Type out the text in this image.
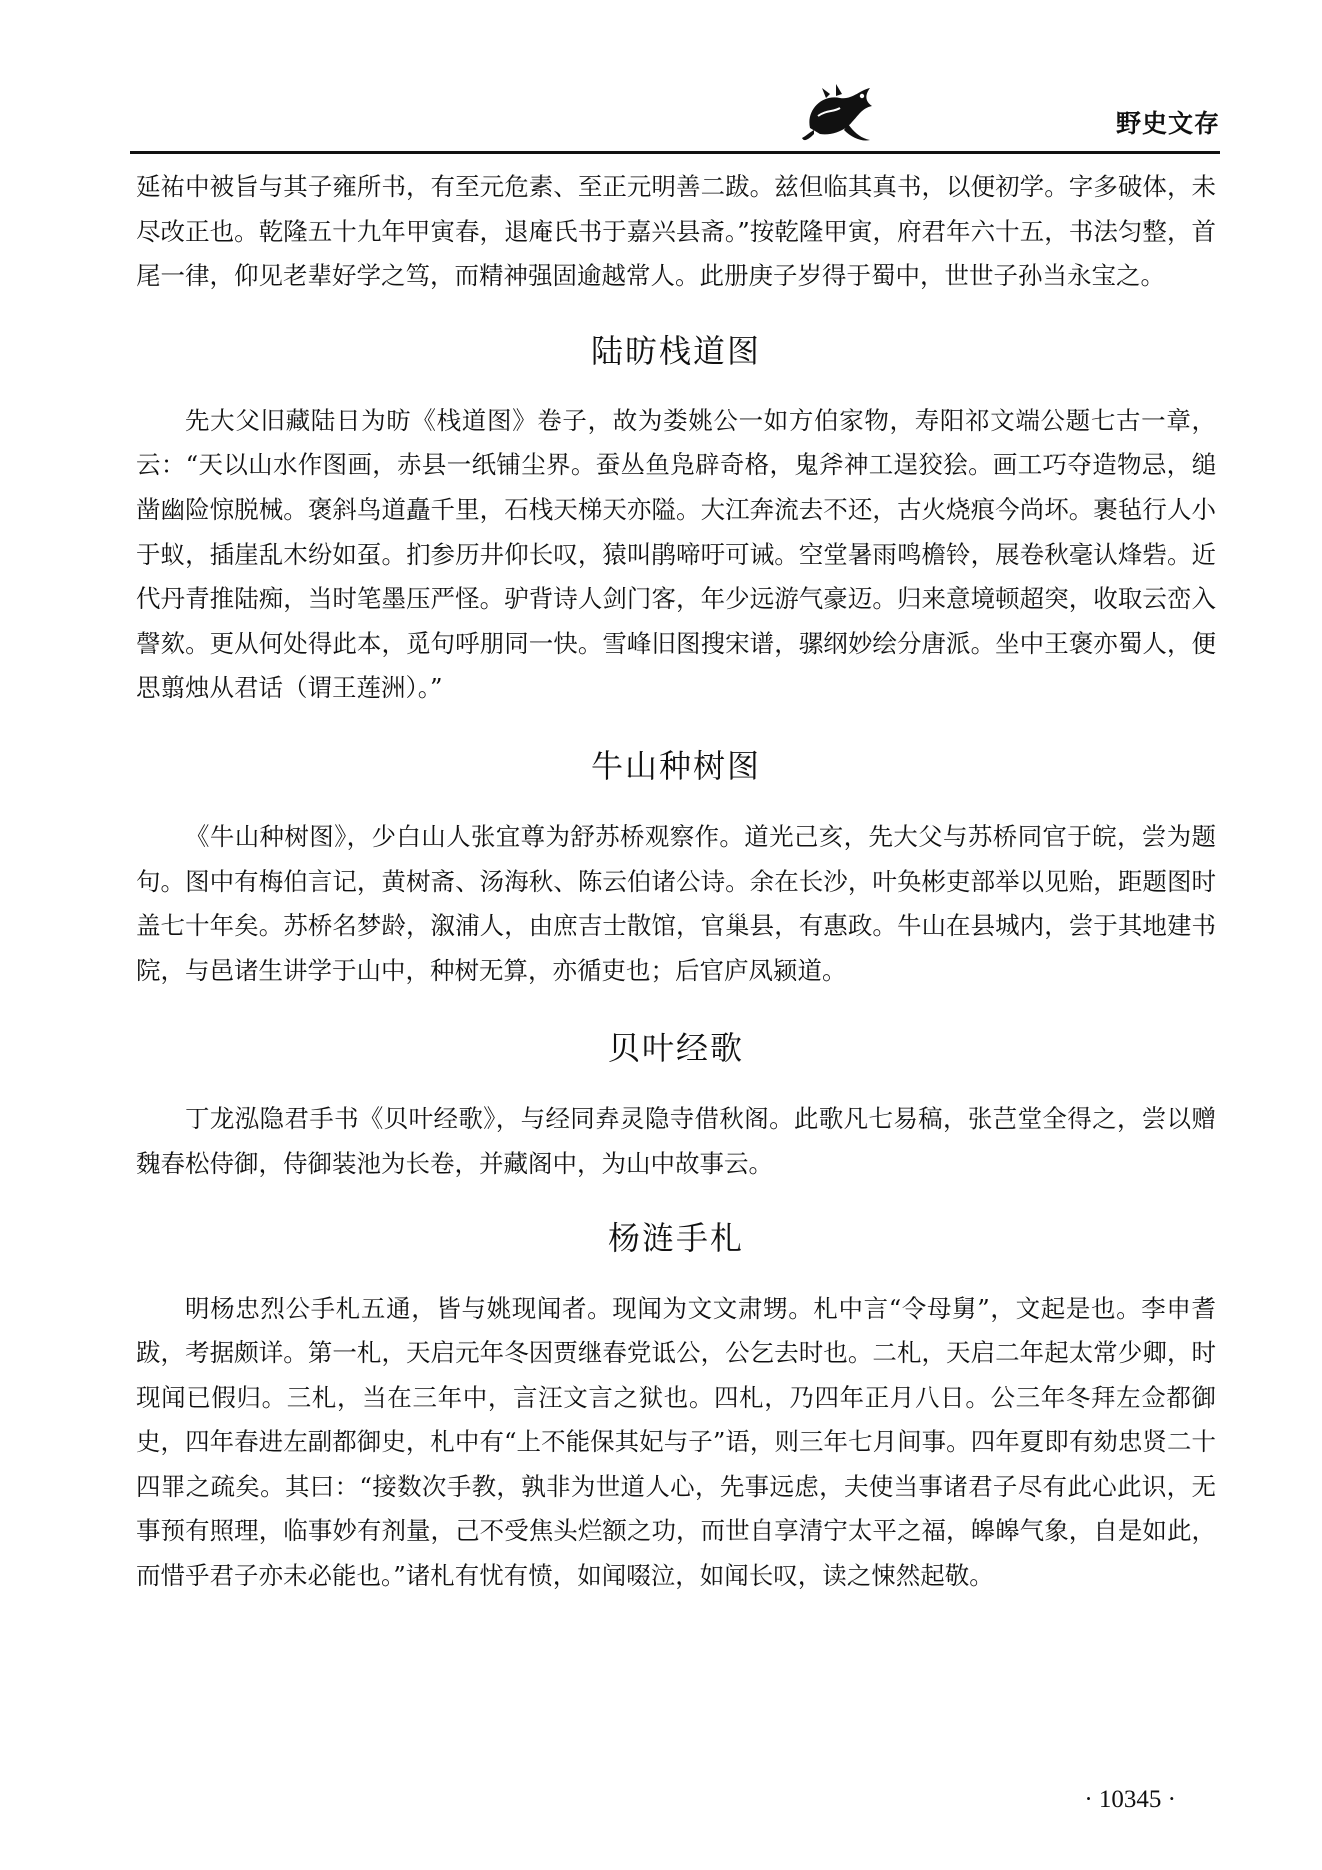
野史文存

延祐中被旨与其子雍所书，有至元危素、至正元明善二跋。兹但临其真书，以便初学。字多破体，未尽改正也。乾隆五十九年甲寅春，退庵氏书于嘉兴县斋。”按乾隆甲寅，府君年六十五，书法匀整，首尾一律，仰见老辈好学之笃，而精神强固逾越常人。此册庚子岁得于蜀中，世世子孙当永宝之。

陆昉栈道图

先大父旧藏陆日为昉《栈道图》卷子，故为娄姚公一如方伯家物，寿阳祁文端公题七古一章，云：“天以山水作图画，赤县一纸铺尘界。蚕丛鱼凫辟奇格，鬼斧神工逞狡狯。画工巧夺造物忌，缒凿幽险惊脱械。褒斜鸟道矗千里，石栈天梯天亦隘。大江奔流去不还，古火烧痕今尚坏。裹毡行人小于蚁，插崖乱木纷如虿。扪参历井仰长叹，猿叫鹃啼吁可诫。空堂暑雨鸣檐铃，展卷秋毫认烽砦。近代丹青推陆痴，当时笔墨压严怪。驴背诗人剑门客，年少远游气豪迈。归来意境顿超突，收取云峦入謦欬。更从何处得此本，觅句呼朋同一快。雪峰旧图搜宋谱，骡纲妙绘分唐派。坐中王褒亦蜀人，便思翦烛从君话（谓王莲洲）。”

牛山种树图

《牛山种树图》，少白山人张宜尊为舒苏桥观察作。道光己亥，先大父与苏桥同官于皖，尝为题句。图中有梅伯言记，黄树斋、汤海秋、陈云伯诸公诗。余在长沙，叶奂彬吏部举以见贻，距题图时盖七十年矣。苏桥名梦龄，溆浦人，由庶吉士散馆，官巢县，有惠政。牛山在县城内，尝于其地建书院，与邑诸生讲学于山中，种树无算，亦循吏也；后官庐凤颍道。

贝叶经歌

丁龙泓隐君手书《贝叶经歌》，与经同弆灵隐寺借秋阁。此歌凡七易稿，张芑堂全得之，尝以赠魏春松侍御，侍御装池为长卷，并藏阁中，为山中故事云。

杨涟手札

明杨忠烈公手札五通，皆与姚现闻者。现闻为文文肃甥。札中言“令母舅”，文起是也。李申耆跋，考据颇详。第一札，天启元年冬因贾继春党诋公，公乞去时也。二札，天启二年起太常少卿，时现闻已假归。三札，当在三年中，言汪文言之狱也。四札，乃四年正月八日。公三年冬拜左佥都御史，四年春进左副都御史，札中有“上不能保其妃与子”语，则三年七月间事。四年夏即有劾忠贤二十四罪之疏矣。其曰：“接数次手教，孰非为世道人心，先事远虑，夫使当事诸君子尽有此心此识，无事预有照理，临事妙有剂量，己不受焦头烂额之功，而世自享清宁太平之福，皞皞气象，自是如此，而惜乎君子亦未必能也。”诸札有忧有愤，如闻啜泣，如闻长叹，读之悚然起敬。

· 10345 ·
